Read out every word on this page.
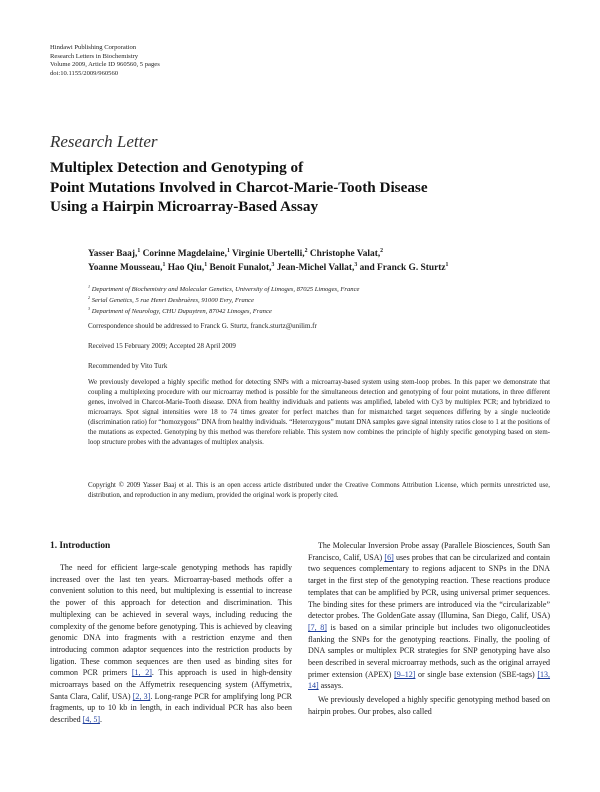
Hindawi Publishing Corporation
Research Letters in Biochemistry
Volume 2009, Article ID 960560, 5 pages
doi:10.1155/2009/960560
Research Letter
Multiplex Detection and Genotyping of
Point Mutations Involved in Charcot-Marie-Tooth Disease
Using a Hairpin Microarray-Based Assay
Yasser Baaj,$^1$ Corinne Magdelaine,$^1$ Virginie Ubertelli,$^2$ Christophe Valat,$^2$
Yoanne Mousseau,$^1$ Hao Qiu,$^1$ Benoit Funalot,$^3$ Jean-Michel Vallat,$^3$ and Franck G. Sturtz$^1$
$^1$ Department of Biochemistry and Molecular Genetics, University of Limoges, 87025 Limoges, France
$^2$ Serial Genetics, 5 rue Henri Desbruères, 91000 Evry, France
$^3$ Department of Neurology, CHU Dupuytren, 87042 Limoges, France
Correspondence should be addressed to Franck G. Sturtz, franck.sturtz@unilim.fr
Received 15 February 2009; Accepted 28 April 2009
Recommended by Vito Turk
We previously developed a highly specific method for detecting SNPs with a microarray-based system using stem-loop probes. In this paper we demonstrate that coupling a multiplexing procedure with our microarray method is possible for the simultaneous detection and genotyping of four point mutations, in three different genes, involved in Charcot-Marie-Tooth disease. DNA from healthy individuals and patients was amplified, labeled with Cy3 by multiplex PCR; and hybridized to microarrays. Spot signal intensities were 18 to 74 times greater for perfect matches than for mismatched target sequences differing by a single nucleotide (discrimination ratio) for “homozygous” DNA from healthy individuals. “Heterozygous” mutant DNA samples gave signal intensity ratios close to 1 at the positions of the mutations as expected. Genotyping by this method was therefore reliable. This system now combines the principle of highly specific genotyping based on stem-loop structure probes with the advantages of multiplex analysis.
Copyright © 2009 Yasser Baaj et al. This is an open access article distributed under the Creative Commons Attribution License, which permits unrestricted use, distribution, and reproduction in any medium, provided the original work is properly cited.
1. Introduction

The need for efficient large-scale genotyping methods has rapidly increased over the last ten years. Microarray-based methods offer a convenient solution to this need, but multiplexing is essential to increase the power of this approach for detection and discrimination. This multiplexing can be achieved in several ways, including reducing the complexity of the genome before genotyping. This is achieved by cleaving genomic DNA into fragments with a restriction enzyme and then introducing common adaptor sequences into the restriction products by ligation. These common sequences are then used as binding sites for common PCR primers [1, 2]. This approach is used in high-density microarrays based on the Affymetrix resequencing system (Affymetrix, Santa Clara, Calif, USA) [2, 3]. Long-range PCR for amplifying long PCR fragments, up to 10 kb in length, in each individual PCR has also been described [4, 5].

The Molecular Inversion Probe assay (Parallele Biosciences, South San Francisco, Calif, USA) [6] uses probes that can be circularized and contain two sequences complementary to regions adjacent to SNPs in the DNA target in the first step of the genotyping reaction. These reactions produce templates that can be amplified by PCR, using universal primer sequences. The binding sites for these primers are introduced via the “circularizable” detector probes. The GoldenGate assay (Illumina, San Diego, Calif, USA) [7, 8] is based on a similar principle but includes two oligonucleotides flanking the SNPs for the genotyping reactions. Finally, the pooling of DNA samples or multiplex PCR strategies for SNP genotyping have also been described in several microarray methods, such as the original arrayed primer extension (APEX) [9–12] or single base extension (SBE-tags) [13, 14] assays.

We previously developed a highly specific genotyping method based on hairpin probes. Our probes, also called
